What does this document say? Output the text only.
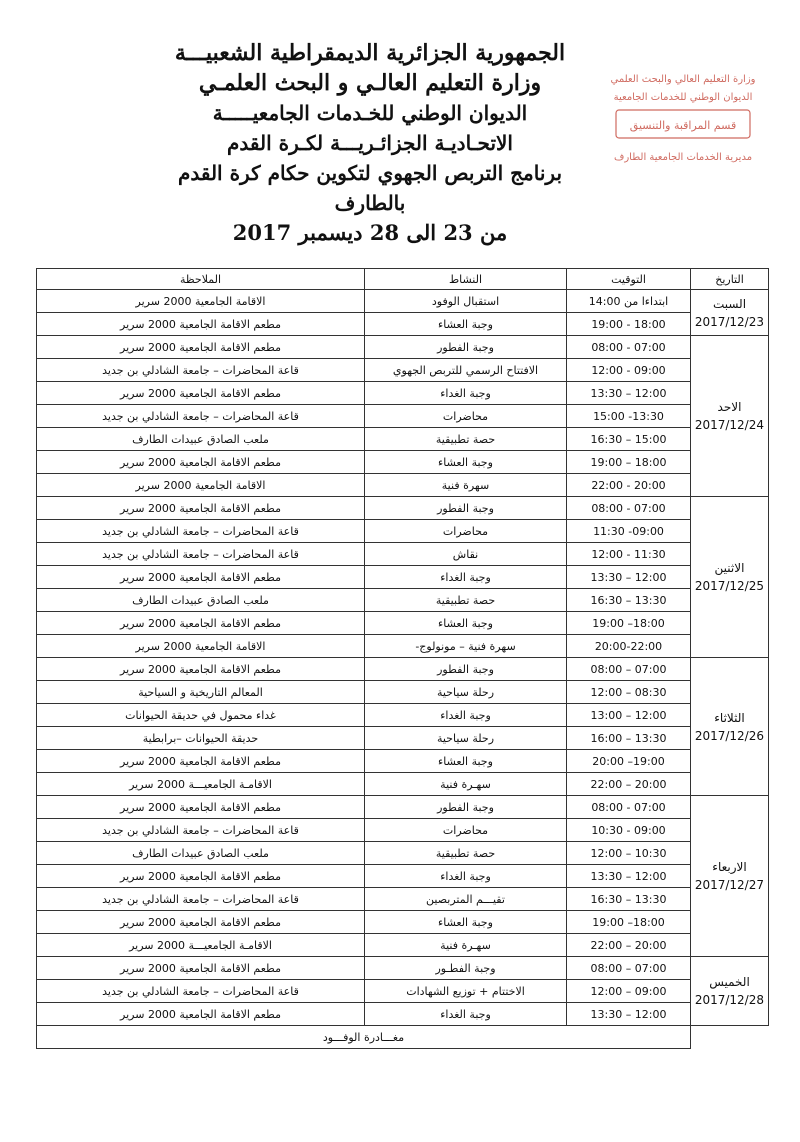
الجمهورية الجزائرية الديمقراطية الشعبيـــة
وزارة التعليم العالـي و البحث العلمـي
الديوان الوطني للخـدمات الجامعيـــــة
الاتحـاديـة الجزائـريـــة لكـرة القدم
برنامج التربص الجهوي لتكوين حكام كرة القدم بالطارف
من 23 الى 28 ديسمبر 2017
وزارة التعليم العالي والبحث العلمي
الديوان الوطني للخدمات الجامعية
قسم المراقبة والتنسيق
مديرية الخدمات الجامعية الطارف
التاريخ	التوقيت	النشاط	الملاحظة

السبت
2017/12/23	ابتداءا من 14:00	استقبال الوفود	الاقامة الجامعية 2000 سرير
	18:00 - 19:00	وجبة العشاء	مطعم الاقامة الجامعية 2000 سرير

الاحد
2017/12/24	07:00 - 08:00	وجبة الفطور	مطعم الاقامة الجامعية 2000 سرير
	09:00 - 12:00	الافتتاح الرسمي للتربص الجهوي	قاعة المحاضرات – جامعة الشادلي بن جديد
	12:00 – 13:30	وجبة الغداء	مطعم الاقامة الجامعية 2000 سرير
	13:30- 15:00	محاضرات	قاعة المحاضرات – جامعة الشادلي بن جديد
	15:00 – 16:30	حصة تطبيقية	ملعب الصادق عبيدات الطارف
	18:00 – 19:00	وجبة العشاء	مطعم الاقامة الجامعية 2000 سرير
	20:00 - 22:00	سهرة فنية	الاقامة الجامعية 2000 سرير

الاثنين
2017/12/25	07:00 - 08:00	وجبة الفطور	مطعم الاقامة الجامعية 2000 سرير
	09:00- 11:30	محاضرات	قاعة المحاضرات – جامعة الشادلي بن جديد
	11:30 - 12:00	نقاش	قاعة المحاضرات – جامعة الشادلي بن جديد
	12:00 – 13:30	وجبة الغداء	مطعم الاقامة الجامعية 2000 سرير
	13:30 – 16:30	حصة تطبيقية	ملعب الصادق عبيدات الطارف
	18:00– 19:00	وجبة العشاء	مطعم الاقامة الجامعية 2000 سرير
	20:00-22:00	سهرة فنية – مونولوج-	الاقامة الجامعية 2000 سرير

الثلاثاء
2017/12/26	07:00 – 08:00	وجبة الفطور	مطعم الاقامة الجامعية 2000 سرير
	08:30 – 12:00	رحلة سياحية	المعالم التاريخية و السياحية
	12:00 – 13:00	وجبة الغداء	غداء محمول في حديقة الحيوانات
	13:30 – 16:00	رحلة سياحية	حديقة الحيوانات –برابطية
	19:00– 20:00	وجبة العشاء	مطعم الاقامة الجامعية 2000 سرير
	20:00 – 22:00	سهـرة فنية	الاقامـة الجامعيـــة 2000 سرير

الاربعاء
2017/12/27	07:00 - 08:00	وجبة الفطور	مطعم الاقامة الجامعية 2000 سرير
	09:00 - 10:30	محاضرات	قاعة المحاضرات – جامعة الشادلي بن جديد
	10:30 – 12:00	حصة تطبيقية	ملعب الصادق عبيدات الطارف
	12:00 – 13:30	وجبة الغداء	مطعم الاقامة الجامعية 2000 سرير
	13:30 – 16:30	تقيـــم المتربصين	قاعة المحاضرات – جامعة الشادلي بن جديد
	18:00– 19:00	وجبة العشاء	مطعم الاقامة الجامعية 2000 سرير
	20:00 – 22:00	سهـرة فنية	الاقامـة الجامعيـــة 2000 سرير

الخميس
2017/12/28	07:00 – 08:00	وجبة الفطـور	مطعم الاقامة الجامعية 2000 سرير
	09:00 – 12:00	الاختتام + توزيع الشهادات	قاعة المحاضرات – جامعة الشادلي بن جديد
	12:00 – 13:30	وجبة الغداء	مطعم الاقامة الجامعية 2000 سرير
	مغـــادرة الوفـــود		
